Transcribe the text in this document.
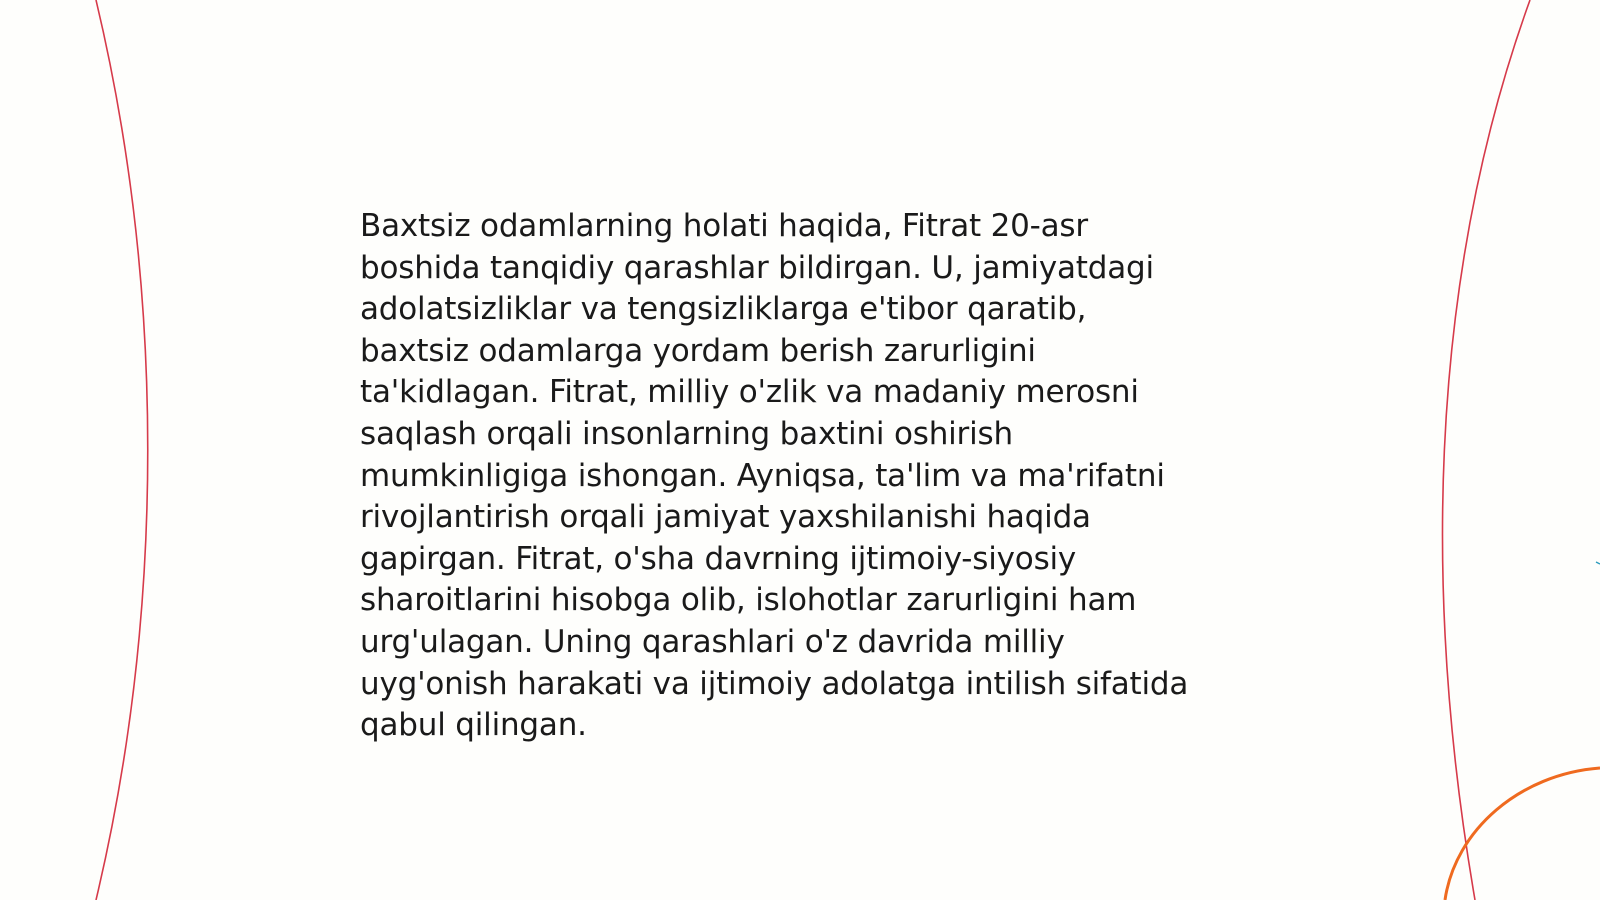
Baxtsiz odamlarning holati haqida, Fitrat 20-asr
boshida tanqidiy qarashlar bildirgan. U, jamiyatdagi
adolatsizliklar va tengsizliklarga e'tibor qaratib,
baxtsiz odamlarga yordam berish zarurligini
ta'kidlagan. Fitrat, milliy o'zlik va madaniy merosni
saqlash orqali insonlarning baxtini oshirish
mumkinligiga ishongan. Ayniqsa, ta'lim va ma'rifatni
rivojlantirish orqali jamiyat yaxshilanishi haqida
gapirgan. Fitrat, o'sha davrning ijtimoiy-siyosiy
sharoitlarini hisobga olib, islohotlar zarurligini ham
urg'ulagan. Uning qarashlari o'z davrida milliy
uyg'onish harakati va ijtimoiy adolatga intilish sifatida
qabul qilingan.
